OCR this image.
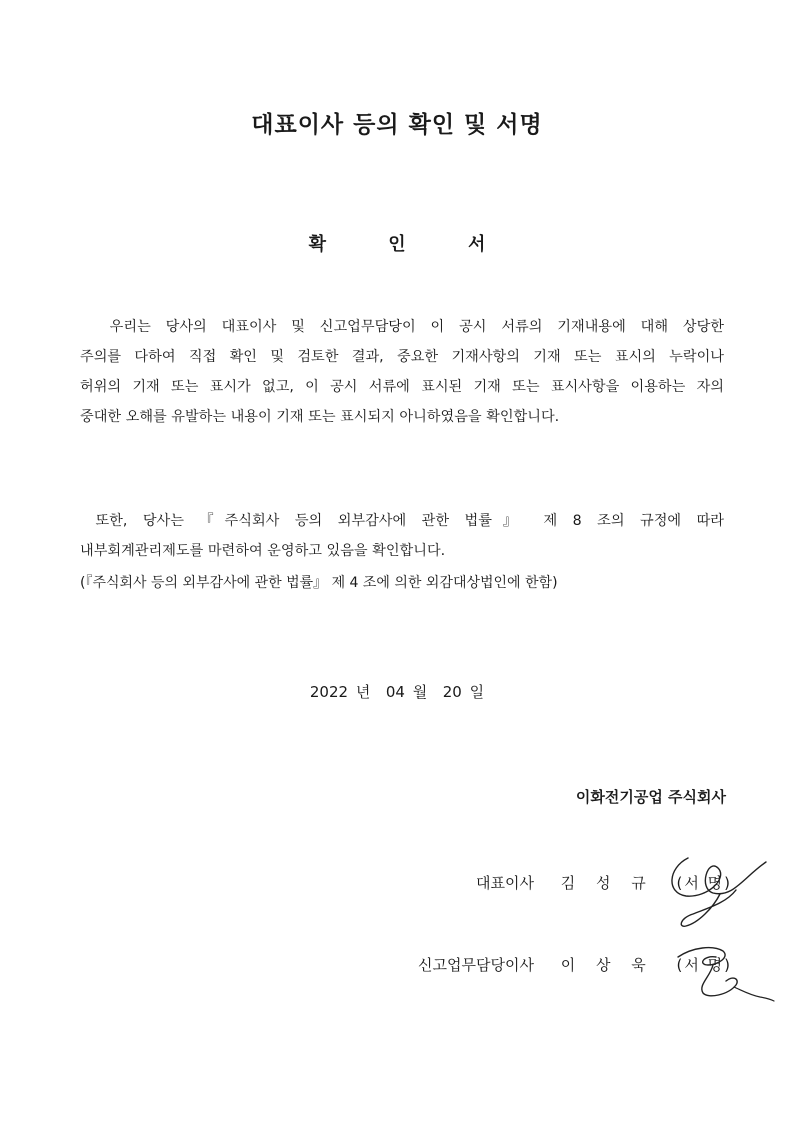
대표이사 등의 확인 및 서명
확	인	서
우리는 당사의 대표이사 및 신고업무담당이 이 공시 서류의 기재내용에 대해 상당한
주의를 다하여 직접 확인 및 검토한 결과, 중요한 기재사항의 기재 또는 표시의 누락이나
허위의 기재 또는 표시가 없고, 이 공시 서류에 표시된 기재 또는 표시사항을 이용하는 자의
중대한 오해를 유발하는 내용이 기재 또는 표시되지 아니하였음을 확인합니다.
또한, 당사는 『주식회사 등의 외부감사에 관한 법률』 제 8 조의 규정에 따라
내부회계관리제도를 마련하여 운영하고 있음을 확인합니다.
(『주식회사 등의 외부감사에 관한 법률』 제 4 조에 의한 외감대상법인에 한함)
2022 년  04 월  20 일
이화전기공업 주식회사
대표이사 김 성 규 (서 명)
신고업무담당이사 이 상 욱 (서 명)
